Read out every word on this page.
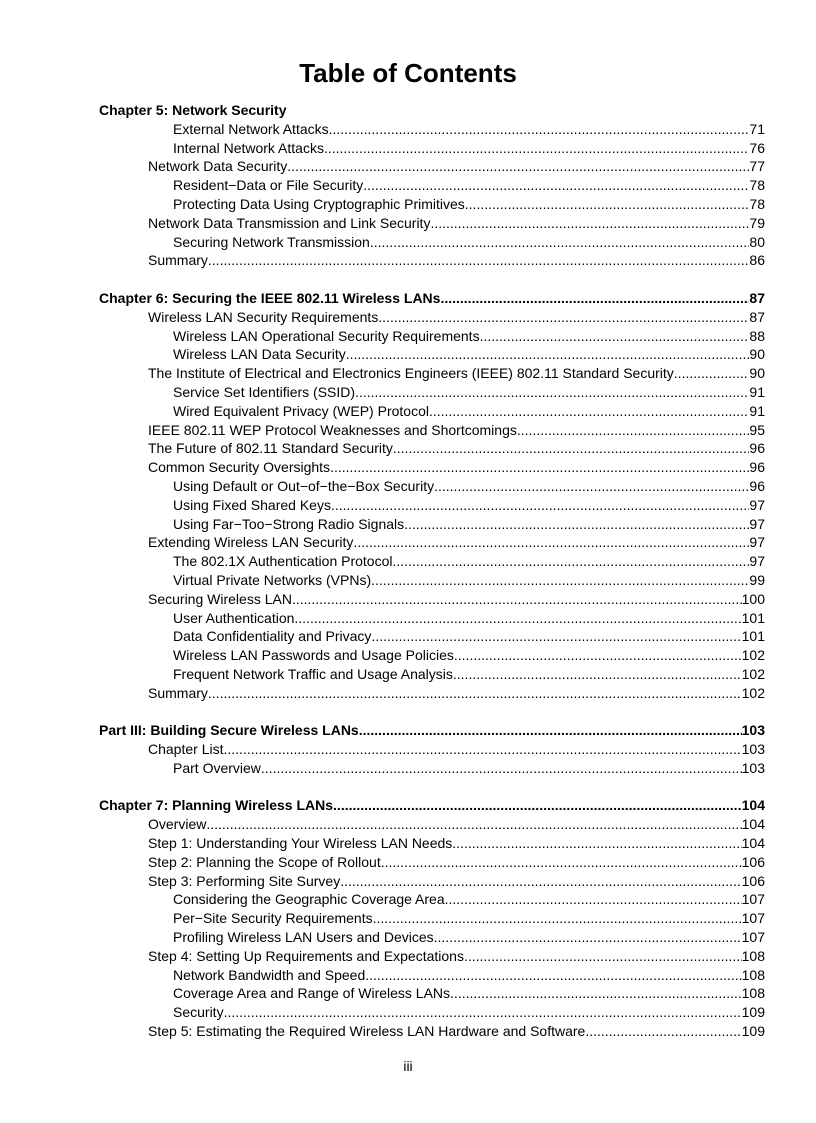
Table of Contents
Chapter 5: Network Security
External Network Attacks .....	71
Internal Network Attacks .....	76
Network Data Security .....	77
Resident−Data or File Security .....	78
Protecting Data Using Cryptographic Primitives .....	78
Network Data Transmission and Link Security .....	79
Securing Network Transmission .....	80
Summary .....	86
Chapter 6: Securing the IEEE 802.11 Wireless LANs .....	87
Wireless LAN Security Requirements .....	87
Wireless LAN Operational Security Requirements .....	88
Wireless LAN Data Security .....	90
The Institute of Electrical and Electronics Engineers (IEEE) 802.11 Standard Security .....	90
Service Set Identifiers (SSID) .....	91
Wired Equivalent Privacy (WEP) Protocol .....	91
IEEE 802.11 WEP Protocol Weaknesses and Shortcomings .....	95
The Future of 802.11 Standard Security .....	96
Common Security Oversights .....	96
Using Default or Out−of−the−Box Security .....	96
Using Fixed Shared Keys .....	97
Using Far−Too−Strong Radio Signals .....	97
Extending Wireless LAN Security .....	97
The 802.1X Authentication Protocol .....	97
Virtual Private Networks (VPNs) .....	99
Securing Wireless LAN .....	100
User Authentication .....	101
Data Confidentiality and Privacy .....	101
Wireless LAN Passwords and Usage Policies .....	102
Frequent Network Traffic and Usage Analysis .....	102
Summary .....	102
Part III: Building Secure Wireless LANs .....	103
Chapter List .....	103
Part Overview .....	103
Chapter 7: Planning Wireless LANs .....	104
Overview .....	104
Step 1: Understanding Your Wireless LAN Needs .....	104
Step 2: Planning the Scope of Rollout .....	106
Step 3: Performing Site Survey .....	106
Considering the Geographic Coverage Area .....	107
Per−Site Security Requirements .....	107
Profiling Wireless LAN Users and Devices .....	107
Step 4: Setting Up Requirements and Expectations .....	108
Network Bandwidth and Speed .....	108
Coverage Area and Range of Wireless LANs .....	108
Security .....	109
Step 5: Estimating the Required Wireless LAN Hardware and Software .....	109
iii
